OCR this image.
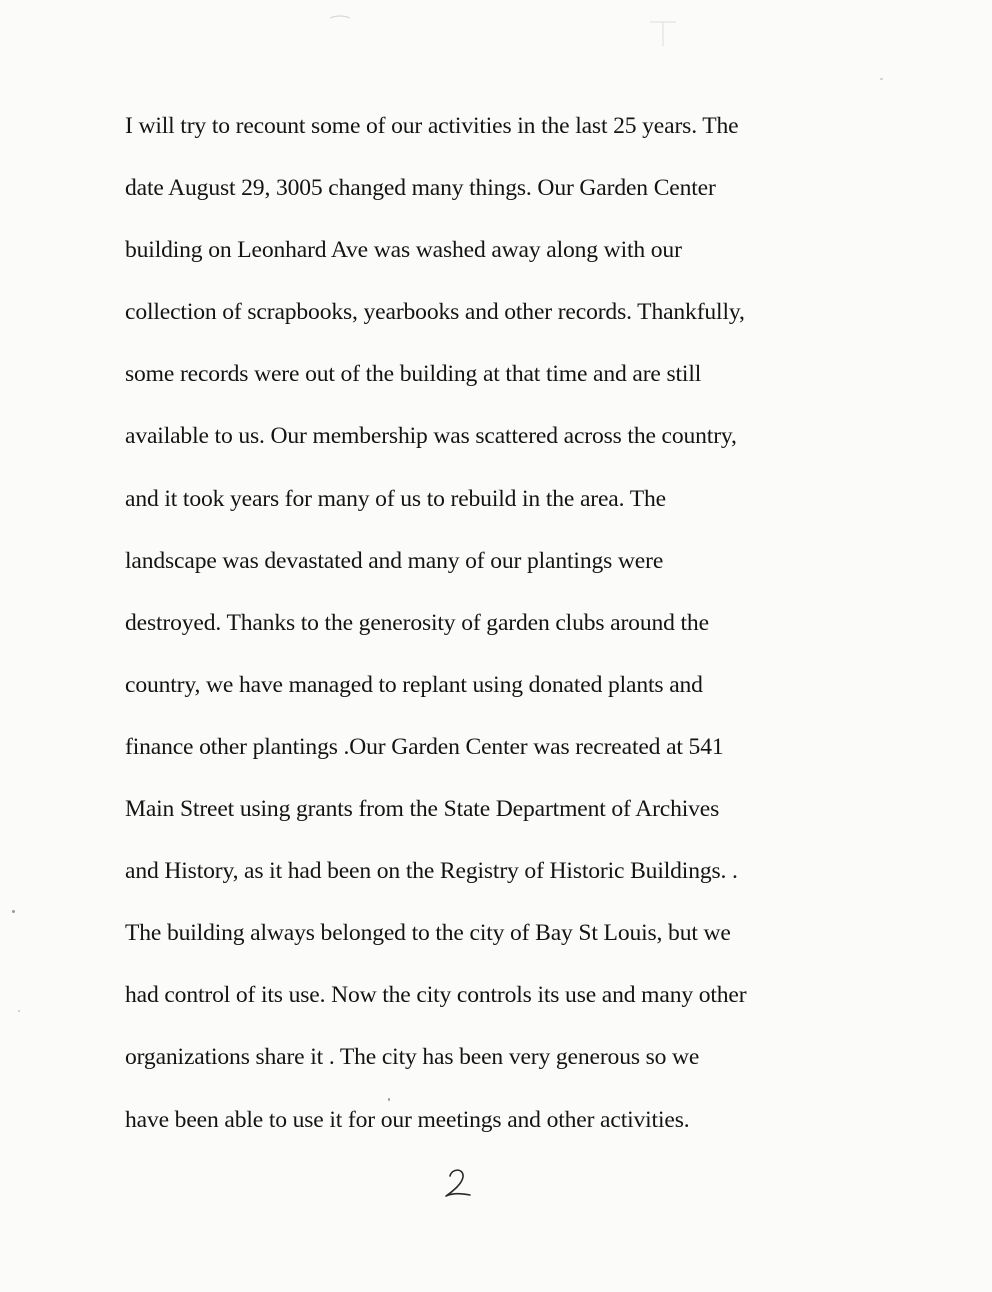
I will try to recount some of our activities in the last 25 years. The
date August 29, 3005 changed many things. Our Garden Center
building on Leonhard Ave was washed away along with our
collection of scrapbooks, yearbooks and other records. Thankfully,
some records were out of the building at that time and are still
available to us. Our membership was scattered across the country,
and it took years for many of us to rebuild in the area. The
landscape was devastated and many of our plantings were
destroyed. Thanks to the generosity of garden clubs around the
country, we have managed to replant using donated plants and
finance other plantings .Our Garden Center was recreated at 541
Main Street using grants from the State Department of Archives
and History, as it had been on the Registry of Historic Buildings. .
The building always belonged to the city of Bay St Louis, but we
had control of its use. Now the city controls its use and many other
organizations share it . The city has been very generous so we
have been able to use it for our meetings and other activities.
